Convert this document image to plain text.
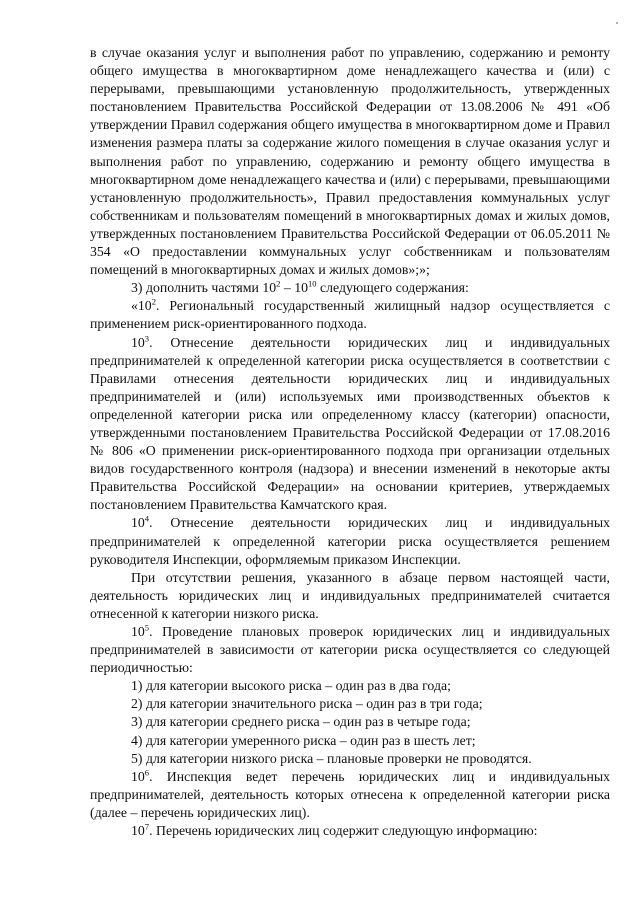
в случае оказания услуг и выполнения работ по управлению, содержанию и ремонту общего имущества в многоквартирном доме ненадлежащего качества и (или) с перерывами, превышающими установленную продолжительность, утвержденных постановлением Правительства Российской Федерации от 13.08.2006 № 491 «Об утверждении Правил содержания общего имущества в многоквартирном доме и Правил изменения размера платы за содержание жилого помещения в случае оказания услуг и выполнения работ по управлению, содержанию и ремонту общего имущества в многоквартирном доме ненадлежащего качества и (или) с перерывами, превышающими установленную продолжительность», Правил предоставления коммунальных услуг собственникам и пользователям помещений в многоквартирных домах и жилых домов, утвержденных постановлением Правительства Российской Федерации от 06.05.2011 № 354 «О предоставлении коммунальных услуг собственникам и пользователям помещений в многоквартирных домах и жилых домов»;»;

3) дополнить частями $10^2 - 10^{10}$ следующего содержания:

«$10^2$. Региональный государственный жилищный надзор осуществляется с применением риск-ориентированного подхода.

$10^3$. Отнесение деятельности юридических лиц и индивидуальных предпринимателей к определенной категории риска осуществляется в соответствии с Правилами отнесения деятельности юридических лиц и индивидуальных предпринимателей и (или) используемых ими производственных объектов к определенной категории риска или определенному классу (категории) опасности, утвержденными постановлением Правительства Российской Федерации от 17.08.2016 № 806 «О применении риск-ориентированного подхода при организации отдельных видов государственного контроля (надзора) и внесении изменений в некоторые акты Правительства Российской Федерации» на основании критериев, утверждаемых постановлением Правительства Камчатского края.

$10^4$. Отнесение деятельности юридических лиц и индивидуальных предпринимателей к определенной категории риска осуществляется решением руководителя Инспекции, оформляемым приказом Инспекции.

При отсутствии решения, указанного в абзаце первом настоящей части, деятельность юридических лиц и индивидуальных предпринимателей считается отнесенной к категории низкого риска.

$10^5$. Проведение плановых проверок юридических лиц и индивидуальных предпринимателей в зависимости от категории риска осуществляется со следующей периодичностью:

1) для категории высокого риска – один раз в два года;

2) для категории значительного риска – один раз в три года;

3) для категории среднего риска – один раз в четыре года;

4) для категории умеренного риска – один раз в шесть лет;

5) для категории низкого риска – плановые проверки не проводятся.

$10^6$. Инспекция ведет перечень юридических лиц и индивидуальных предпринимателей, деятельность которых отнесена к определенной категории риска (далее – перечень юридических лиц).

$10^7$. Перечень юридических лиц содержит следующую информацию:
